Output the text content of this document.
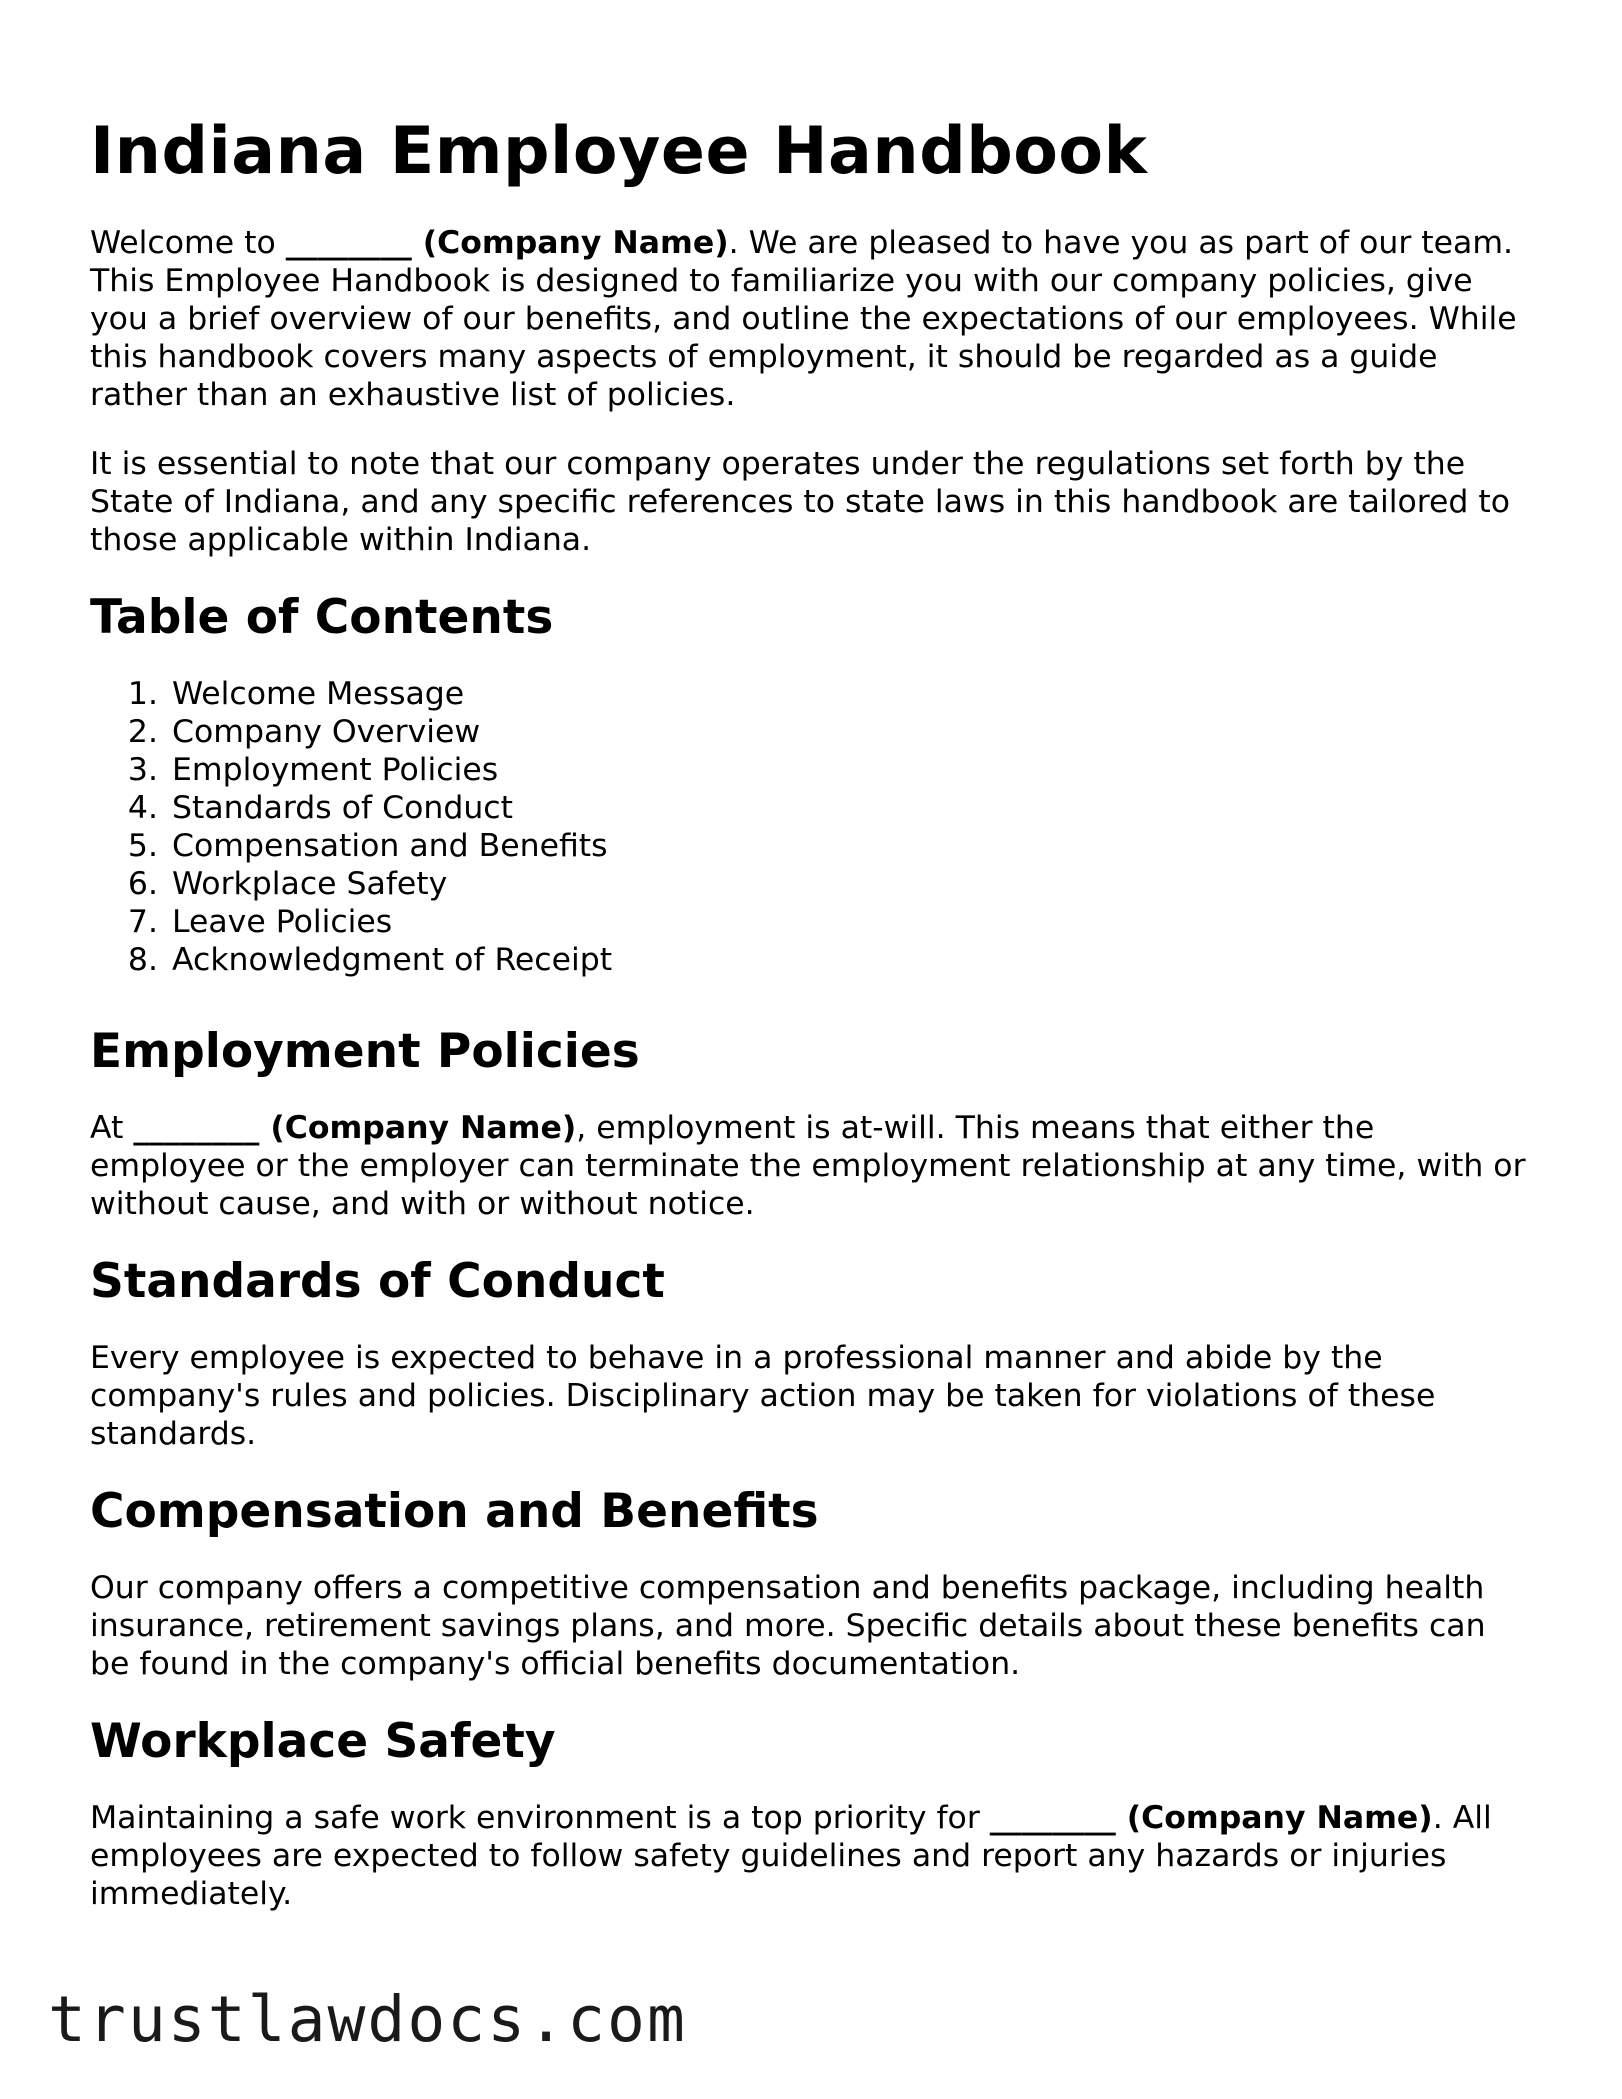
Indiana Employee Handbook

Welcome to ________ (Company Name). We are pleased to have you as part of our team. This Employee Handbook is designed to familiarize you with our company policies, give you a brief overview of our benefits, and outline the expectations of our employees. While this handbook covers many aspects of employment, it should be regarded as a guide rather than an exhaustive list of policies.

It is essential to note that our company operates under the regulations set forth by the State of Indiana, and any specific references to state laws in this handbook are tailored to those applicable within Indiana.

Table of Contents
1. Welcome Message
2. Company Overview
3. Employment Policies
4. Standards of Conduct
5. Compensation and Benefits
6. Workplace Safety
7. Leave Policies
8. Acknowledgment of Receipt
Employment Policies

At ________ (Company Name), employment is at-will. This means that either the employee or the employer can terminate the employment relationship at any time, with or without cause, and with or without notice.

Standards of Conduct

Every employee is expected to behave in a professional manner and abide by the company's rules and policies. Disciplinary action may be taken for violations of these standards.

Compensation and Benefits

Our company offers a competitive compensation and benefits package, including health insurance, retirement savings plans, and more. Specific details about these benefits can be found in the company's official benefits documentation.

Workplace Safety

Maintaining a safe work environment is a top priority for ________ (Company Name). All employees are expected to follow safety guidelines and report any hazards or injuries immediately.

trustlawdocs.com
